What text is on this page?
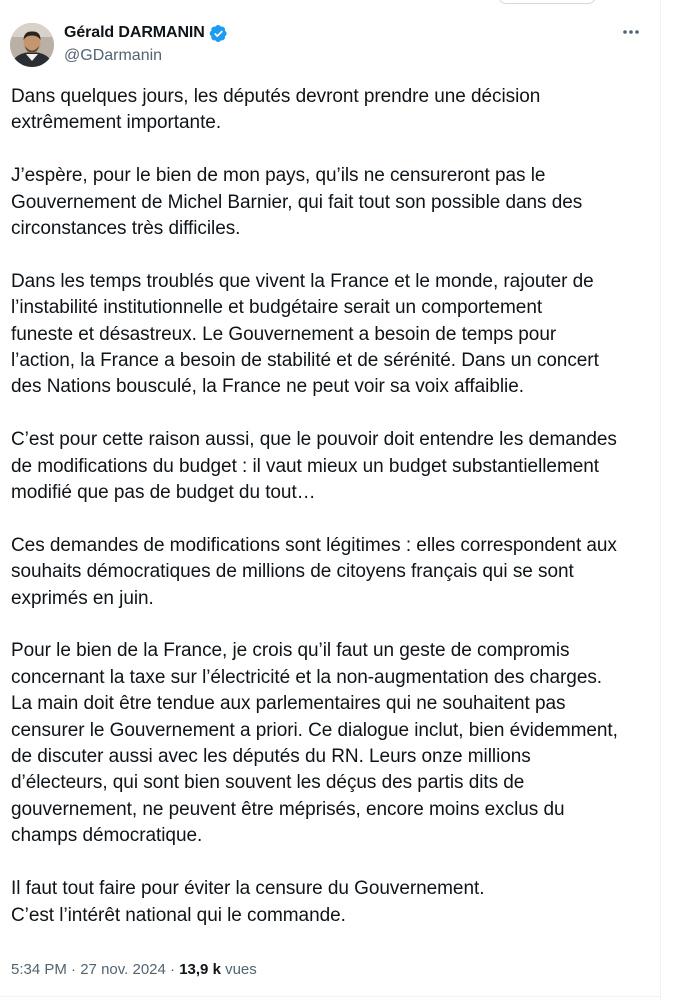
Gérald DARMANIN
@GDarmanin

Dans quelques jours, les députés devront prendre une décision
extrêmement importante.

J’espère, pour le bien de mon pays, qu’ils ne censureront pas le
Gouvernement de Michel Barnier, qui fait tout son possible dans des
circonstances très difficiles.

Dans les temps troublés que vivent la France et le monde, rajouter de
l’instabilité institutionnelle et budgétaire serait un comportement
funeste et désastreux. Le Gouvernement a besoin de temps pour
l’action, la France a besoin de stabilité et de sérénité. Dans un concert
des Nations bousculé, la France ne peut voir sa voix affaiblie.

C’est pour cette raison aussi, que le pouvoir doit entendre les demandes
de modifications du budget : il vaut mieux un budget substantiellement
modifié que pas de budget du tout…

Ces demandes de modifications sont légitimes : elles correspondent aux
souhaits démocratiques de millions de citoyens français qui se sont
exprimés en juin.

Pour le bien de la France, je crois qu’il faut un geste de compromis
concernant la taxe sur l’électricité et la non-augmentation des charges.
La main doit être tendue aux parlementaires qui ne souhaitent pas
censurer le Gouvernement a priori. Ce dialogue inclut, bien évidemment,
de discuter aussi avec les députés du RN. Leurs onze millions
d’électeurs, qui sont bien souvent les déçus des partis dits de
gouvernement, ne peuvent être méprisés, encore moins exclus du
champs démocratique.

Il faut tout faire pour éviter la censure du Gouvernement.
C’est l’intérêt national qui le commande.

5:34 PM · 27 nov. 2024 · 13,9 k vues
